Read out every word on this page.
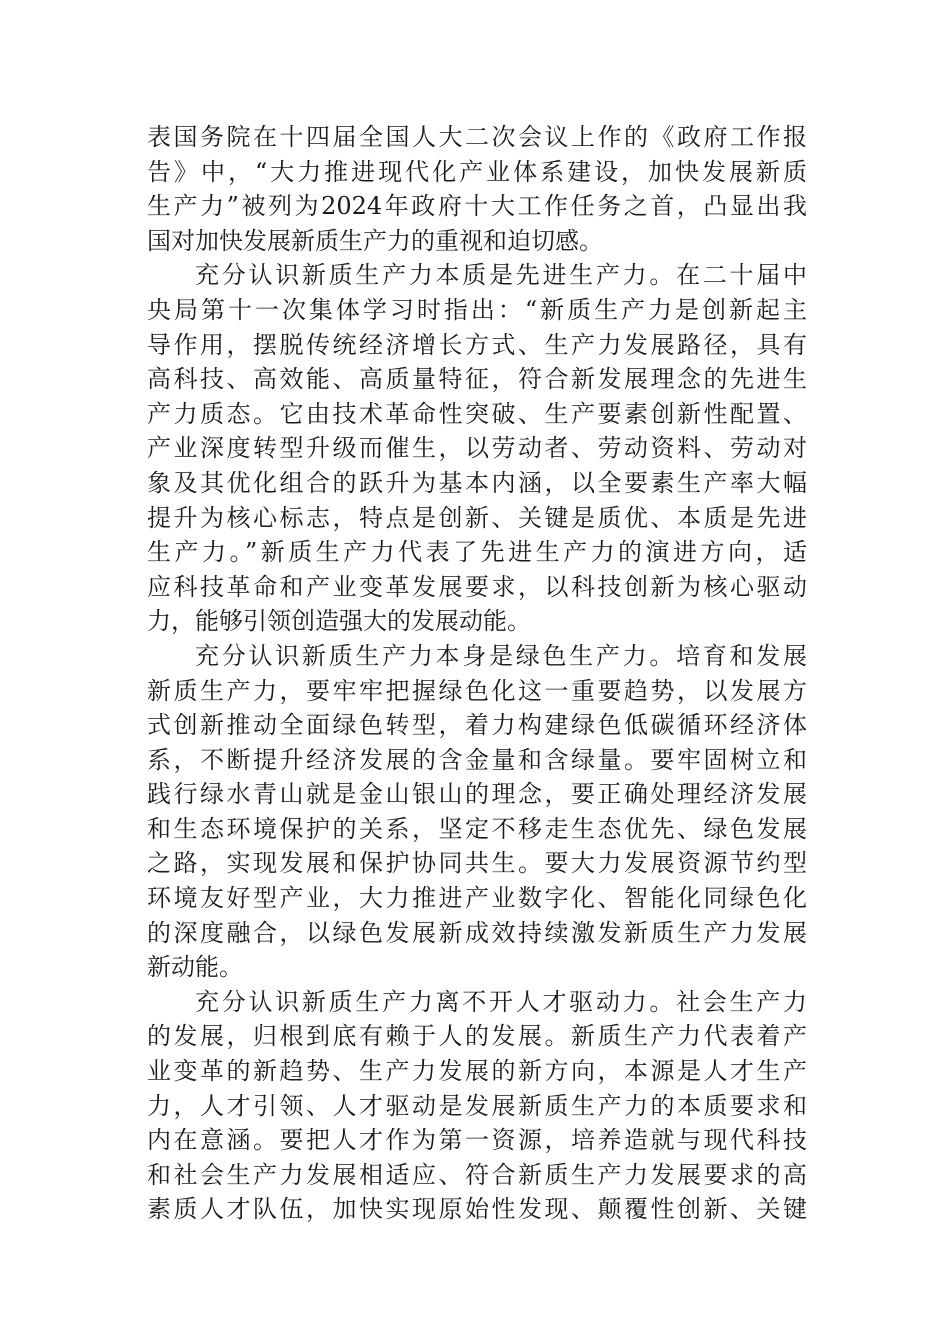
表国务院在十四届全国人大二次会议上作的《政府工作报
告》中，“大力推进现代化产业体系建设，加快发展新质
生产力”被列为2024年政府十大工作任务之首，凸显出我
国对加快发展新质生产力的重视和迫切感。
充分认识新质生产力本质是先进生产力。在二十届中
央局第十一次集体学习时指出：“新质生产力是创新起主
导作用，摆脱传统经济增长方式、生产力发展路径，具有
高科技、高效能、高质量特征，符合新发展理念的先进生
产力质态。它由技术革命性突破、生产要素创新性配置、
产业深度转型升级而催生，以劳动者、劳动资料、劳动对
象及其优化组合的跃升为基本内涵，以全要素生产率大幅
提升为核心标志，特点是创新、关键是质优、本质是先进
生产力。”新质生产力代表了先进生产力的演进方向，适
应科技革命和产业变革发展要求，以科技创新为核心驱动
力，能够引领创造强大的发展动能。
充分认识新质生产力本身是绿色生产力。培育和发展
新质生产力，要牢牢把握绿色化这一重要趋势，以发展方
式创新推动全面绿色转型，着力构建绿色低碳循环经济体
系，不断提升经济发展的含金量和含绿量。要牢固树立和
践行绿水青山就是金山银山的理念，要正确处理经济发展
和生态环境保护的关系，坚定不移走生态优先、绿色发展
之路，实现发展和保护协同共生。要大力发展资源节约型
环境友好型产业，大力推进产业数字化、智能化同绿色化
的深度融合，以绿色发展新成效持续激发新质生产力发展
新动能。
充分认识新质生产力离不开人才驱动力。社会生产力
的发展，归根到底有赖于人的发展。新质生产力代表着产
业变革的新趋势、生产力发展的新方向，本源是人才生产
力，人才引领、人才驱动是发展新质生产力的本质要求和
内在意涵。要把人才作为第一资源，培养造就与现代科技
和社会生产力发展相适应、符合新质生产力发展要求的高
素质人才队伍，加快实现原始性发现、颠覆性创新、关键
